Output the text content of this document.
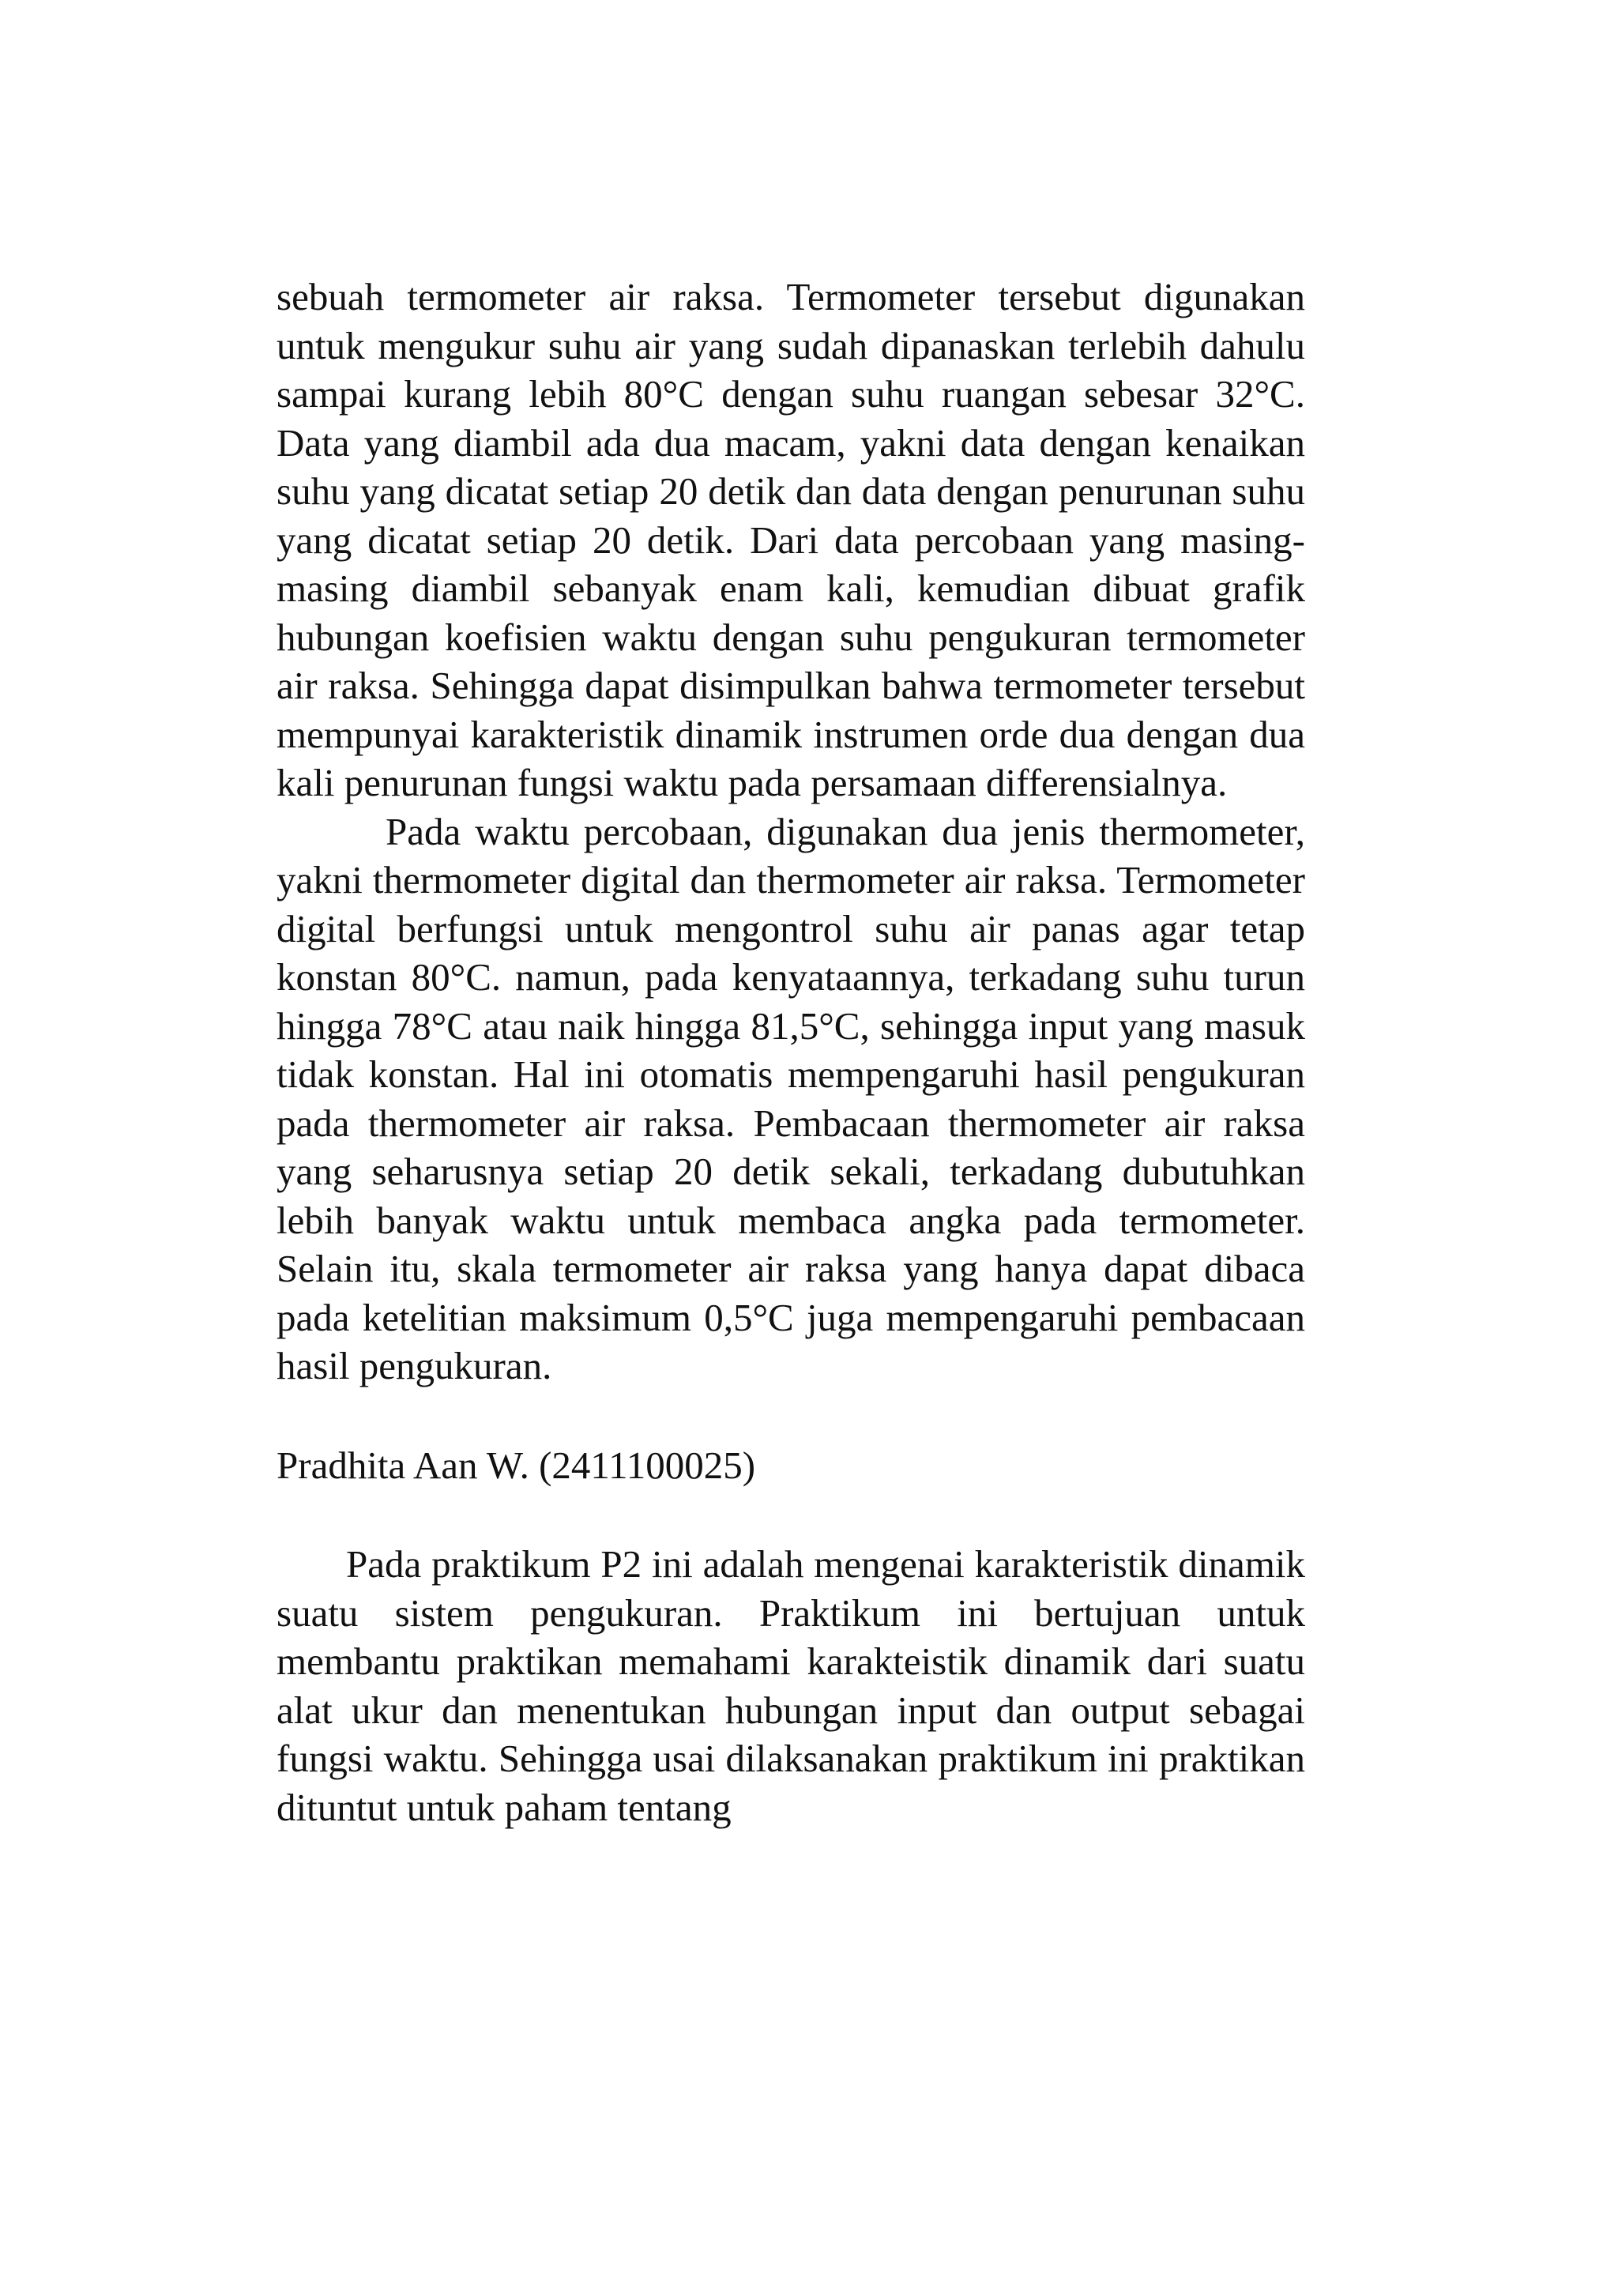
sebuah termometer air raksa. Termometer tersebut digunakan untuk mengukur suhu air yang sudah dipanaskan terlebih dahulu sampai kurang lebih 80°C dengan suhu ruangan sebesar 32°C. Data yang diambil ada dua macam, yakni data dengan kenaikan suhu yang dicatat setiap 20 detik dan data dengan penurunan suhu yang dicatat setiap 20 detik. Dari data percobaan yang masing-masing diambil sebanyak enam kali, kemudian dibuat grafik hubungan koefisien waktu dengan suhu pengukuran termometer air raksa. Sehingga dapat disimpulkan bahwa termometer tersebut mempunyai karakteristik dinamik instrumen orde dua dengan dua kali penurunan fungsi waktu pada persamaan differensialnya.

Pada waktu percobaan, digunakan dua jenis thermometer, yakni thermometer digital dan thermometer air raksa. Termometer digital berfungsi untuk mengontrol suhu air panas agar tetap konstan 80°C. namun, pada kenyataannya, terkadang suhu turun hingga 78°C atau naik hingga 81,5°C, sehingga input yang masuk tidak konstan. Hal ini otomatis mempengaruhi hasil pengukuran pada thermometer air raksa. Pembacaan thermometer air raksa yang seharusnya setiap 20 detik sekali, terkadang dubutuhkan lebih banyak waktu untuk membaca angka pada termometer. Selain itu, skala termometer air raksa yang hanya dapat dibaca pada ketelitian maksimum 0,5°C juga mempengaruhi pembacaan hasil pengukuran.

Pradhita Aan W. (2411100025)

Pada praktikum P2 ini adalah mengenai karakteristik dinamik suatu sistem pengukuran. Praktikum ini bertujuan untuk membantu praktikan memahami karakteistik dinamik dari suatu alat ukur dan menentukan hubungan input dan output sebagai fungsi waktu. Sehingga usai dilaksanakan praktikum ini praktikan dituntut untuk paham tentang
